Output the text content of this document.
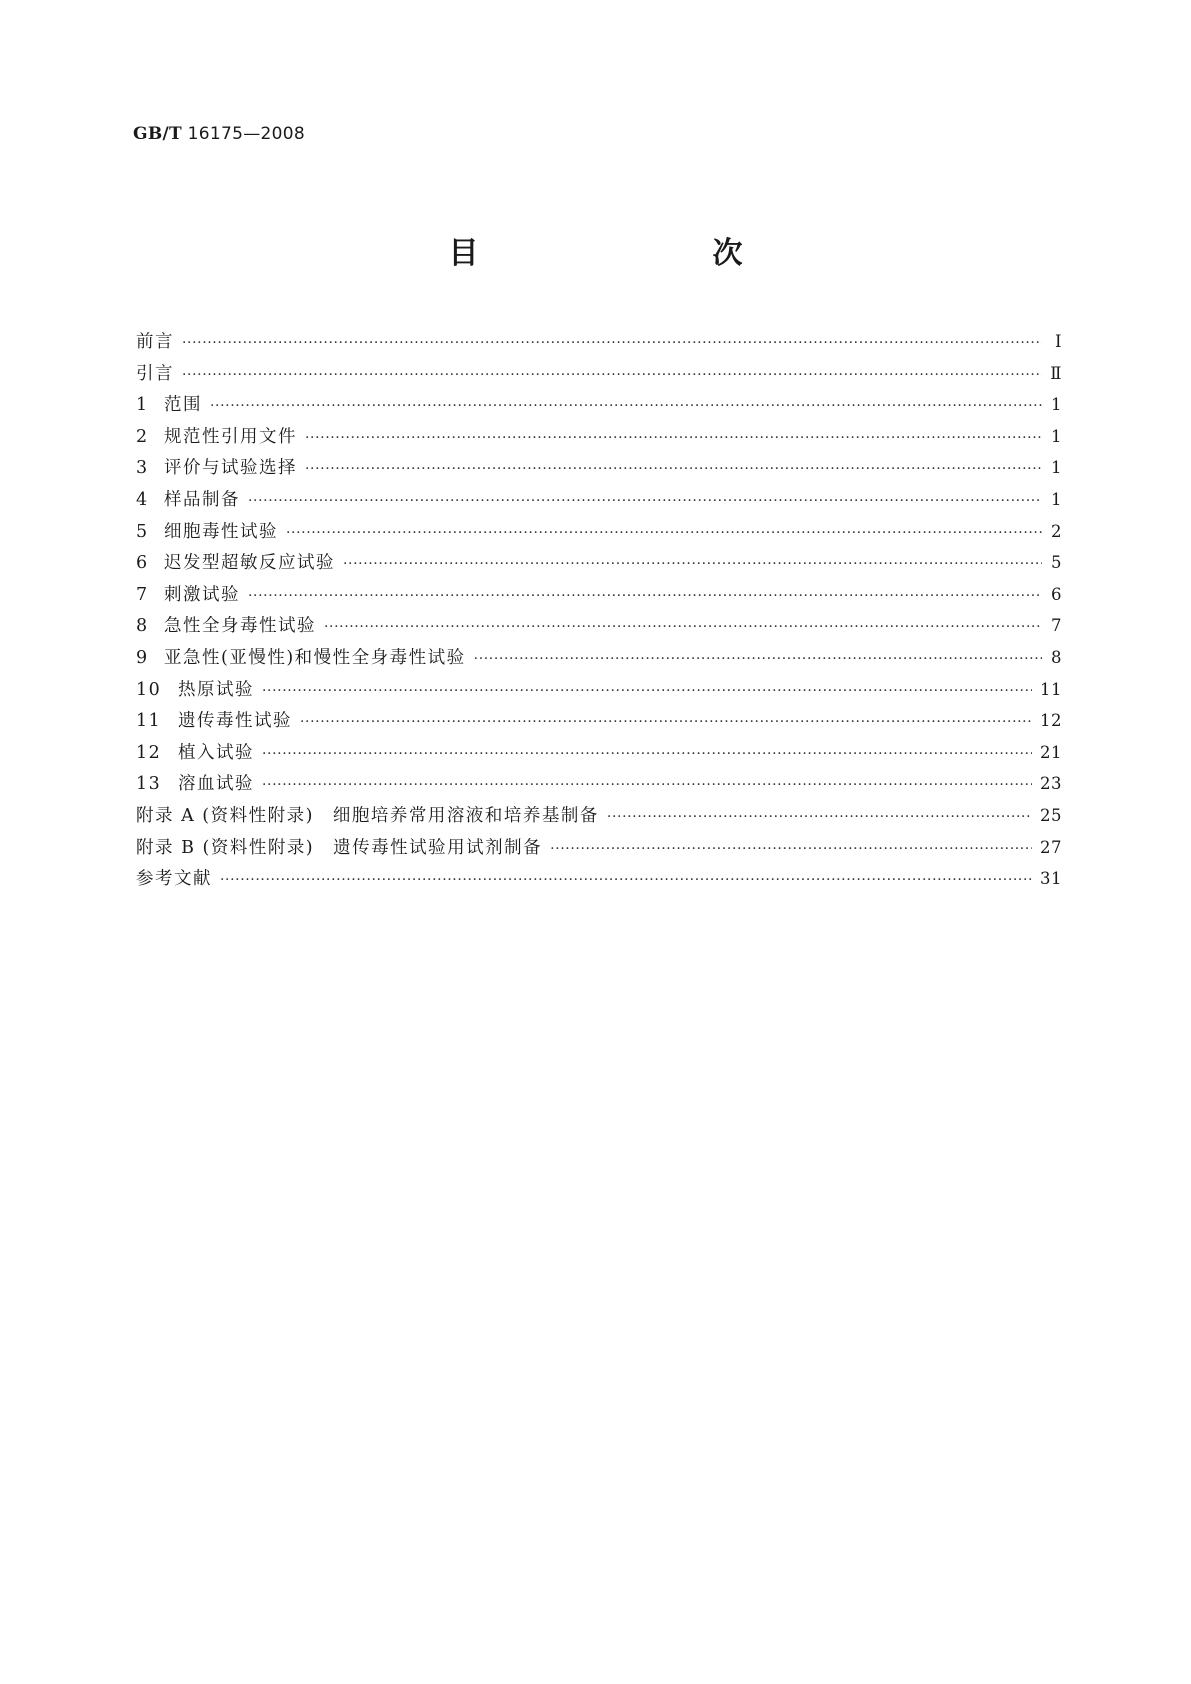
GB/T 16175—2008
目　　次
前言 ·····	Ⅰ
引言 ·····	Ⅱ
1 范围 ·····	1
2 规范性引用文件 ·····	1
3 评价与试验选择 ·····	1
4 样品制备 ·····	1
5 细胞毒性试验 ·····	2
6 迟发型超敏反应试验 ·····	5
7 刺激试验 ·····	6
8 急性全身毒性试验 ·····	7
9 亚急性(亚慢性)和慢性全身毒性试验 ·····	8
10 热原试验 ·····	11
11 遗传毒性试验 ·····	12
12 植入试验 ·····	21
13 溶血试验 ·····	23
附录 A (资料性附录)　细胞培养常用溶液和培养基制备 ·····	25
附录 B (资料性附录)　遗传毒性试验用试剂制备 ·····	27
参考文献 ·····	31
